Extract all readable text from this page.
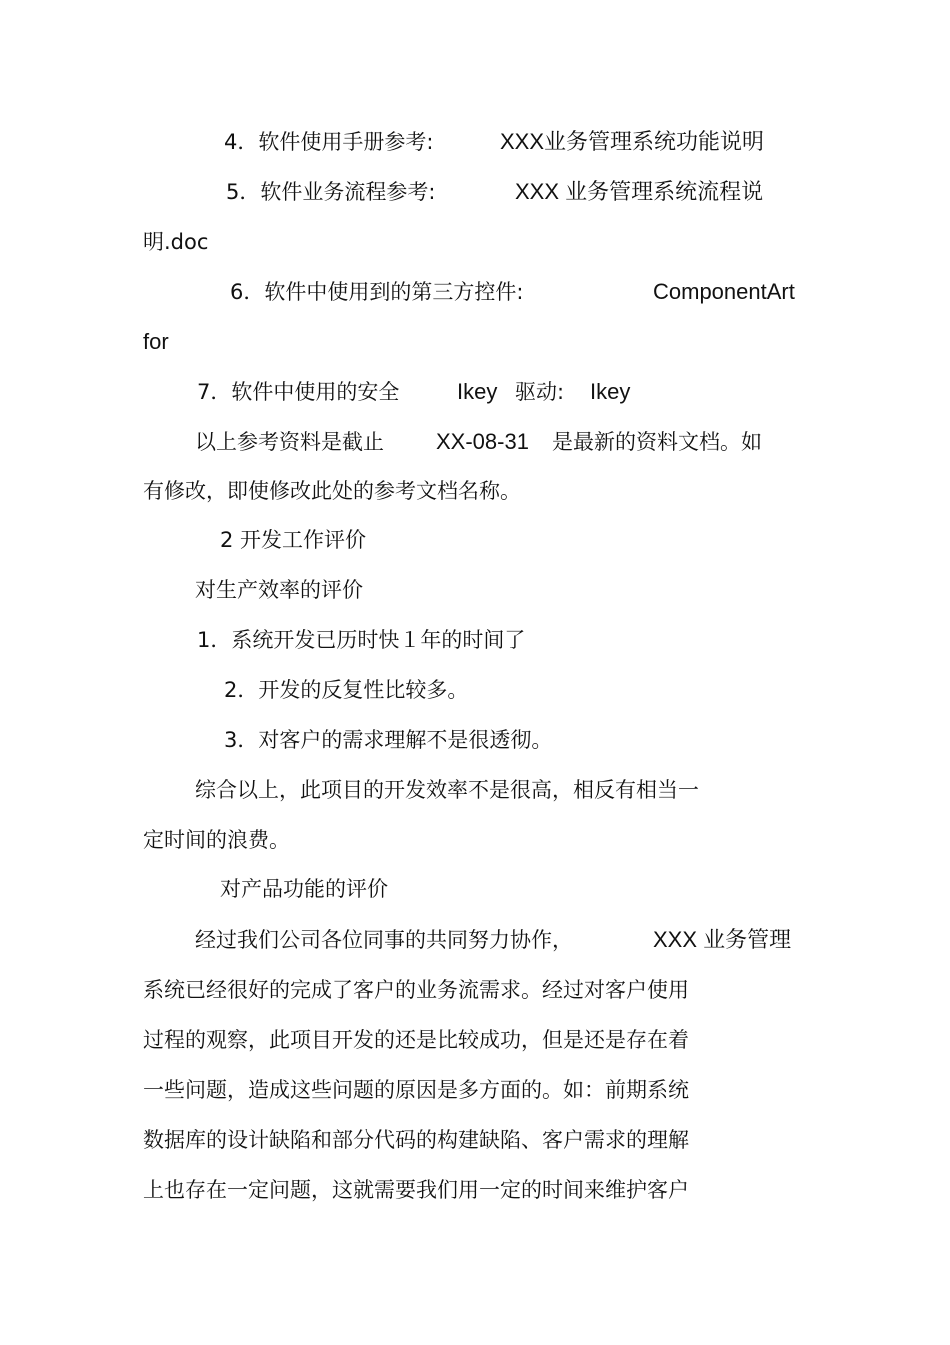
4．软件使用手册参考:	XXX业务管理系统功能说明
5．软件业务流程参考:	XXX 业务管理系统流程说
明.doc
6．软件中使用到的第三方控件:	ComponentArt
for
7．软件中使用的安全	Ikey 驱动: Ikey
以上参考资料是截止 XX-08-31 是最新的资料文档。如
有修改，即使修改此处的参考文档名称。
2 开发工作评价
对生产效率的评价
1．系统开发已历时快１年的时间了
2．开发的反复性比较多。
3．对客户的需求理解不是很透彻。
综合以上，此项目的开发效率不是很高，相反有相当一
定时间的浪费。
对产品功能的评价
经过我们公司各位同事的共同努力协作，	XXX 业务管理
系统已经很好的完成了客户的业务流需求。经过对客户使用
过程的观察，此项目开发的还是比较成功，但是还是存在着
一些问题，造成这些问题的原因是多方面的。如：前期系统
数据库的设计缺陷和部分代码的构建缺陷、客户需求的理解
上也存在一定问题，这就需要我们用一定的时间来维护客户
